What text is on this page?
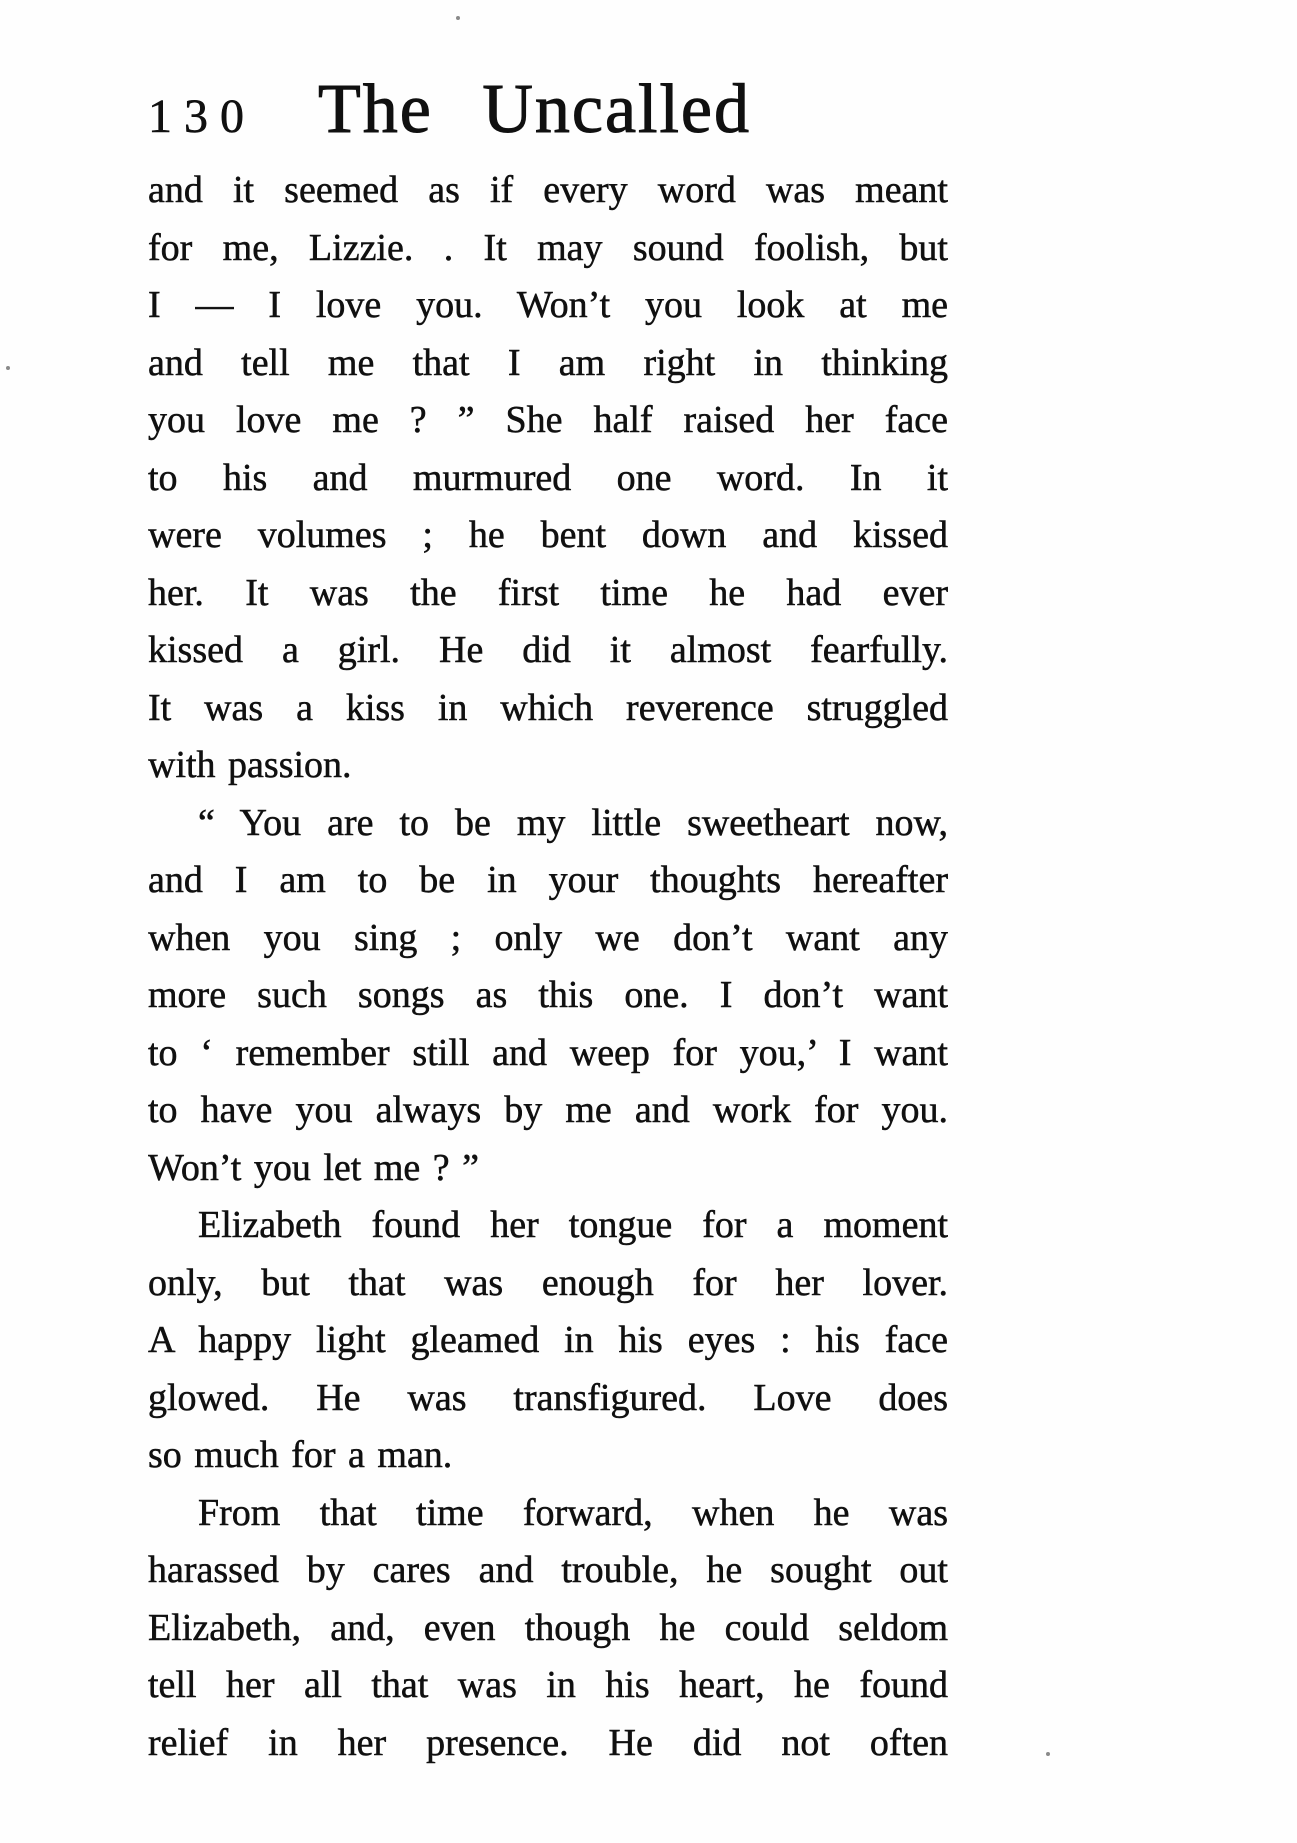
130 The Uncalled
and it seemed as if every word was meant
for me, Lizzie. . It may sound foolish, but
I — I love you. Won’t you look at me
and tell me that I am right in thinking
you love me ? ” She half raised her face
to his and murmured one word. In it
were volumes ; he bent down and kissed
her. It was the first time he had ever
kissed a girl. He did it almost fearfully.
It was a kiss in which reverence struggled
with passion.
“ You are to be my little sweetheart now,
and I am to be in your thoughts hereafter
when you sing ; only we don’t want any
more such songs as this one. I don’t want
to ‘ remember still and weep for you,’ I want
to have you always by me and work for you.
Won’t you let me ? ”
Elizabeth found her tongue for a moment
only, but that was enough for her lover.
A happy light gleamed in his eyes : his face
glowed. He was transfigured. Love does
so much for a man.
From that time forward, when he was
harassed by cares and trouble, he sought out
Elizabeth, and, even though he could seldom
tell her all that was in his heart, he found
relief in her presence. He did not often
